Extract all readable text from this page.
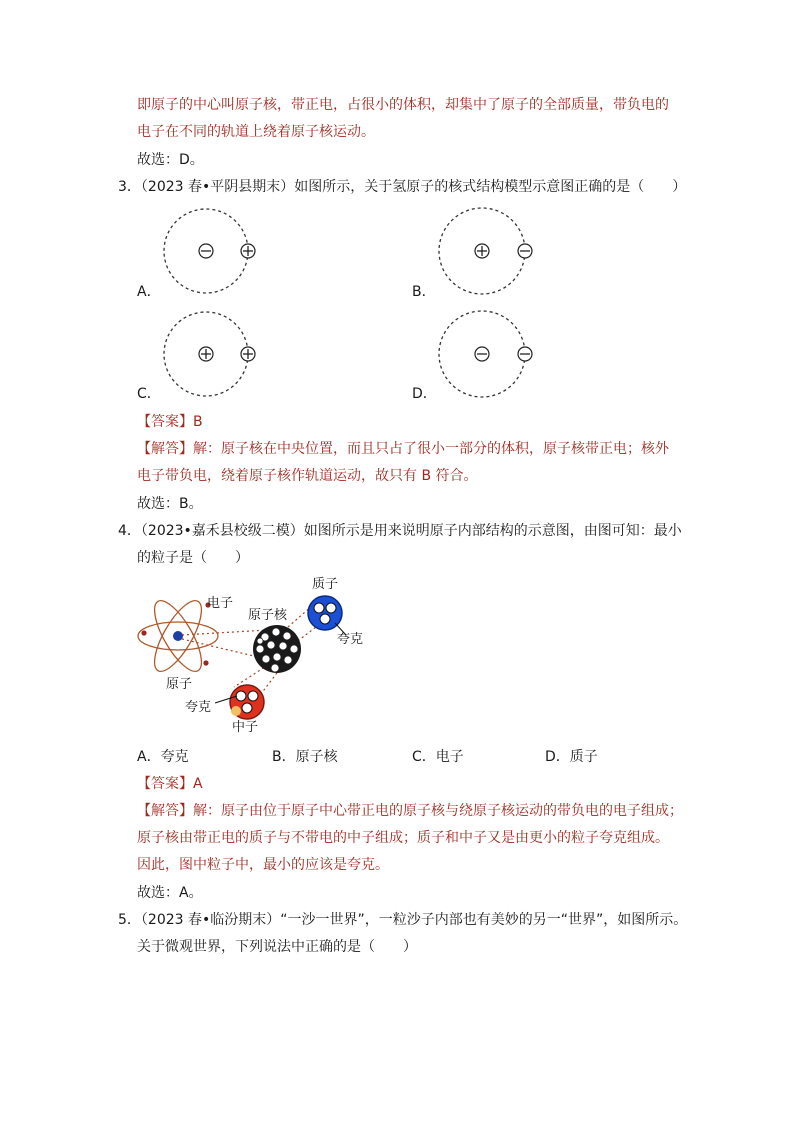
即原子的中心叫原子核，带正电，占很小的体积，却集中了原子的全部质量，带负电的
电子在不同的轨道上绕着原子核运动。
故选：D。
3．（2023 春•平阴县期末）如图所示，关于氢原子的核式结构模型示意图正确的是（　　）
A．	B．
C．	D．
【答案】B
【解答】解：原子核在中央位置，而且只占了很小一部分的体积，原子核带正电；核外
电子带负电，绕着原子核作轨道运动，故只有 B 符合。
故选：B。
4．（2023•嘉禾县校级二模）如图所示是用来说明原子内部结构的示意图，由图可知：最小
的粒子是（　　）
电子
原子核
质子
夸克
原子
夸克
中子
A．夸克	B．原子核	C．电子	D．质子
【答案】A
【解答】解：原子由位于原子中心带正电的原子核与绕原子核运动的带负电的电子组成；
原子核由带正电的质子与不带电的中子组成；质子和中子又是由更小的粒子夸克组成。
因此，图中粒子中，最小的应该是夸克。
故选：A。
5．（2023 春•临汾期末）“一沙一世界”，一粒沙子内部也有美妙的另一“世界”，如图所示。
关于微观世界，下列说法中正确的是（　　）
